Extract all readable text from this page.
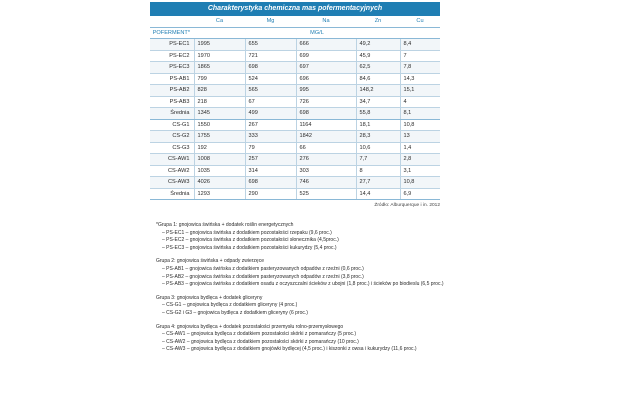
Charakterystyka chemiczna mas pofermentacyjnych
	Ca	Mg	Na	Zn	Cu
POFERMENT*	MG/L				
PS-EC1	1995	655	666	49,2	8,4
PS-EC2	1970	721	699	45,9	7
PS-EC3	1865	698	697	62,5	7,8
PS-AB1	799	524	696	84,6	14,3
PS-AB2	828	565	995	148,2	15,1
PS-AB3	218	67	726	34,7	4
Średnia	1345	499	698	55,8	8,1
CS-G1	1550	267	1164	18,1	10,8
CS-G2	1755	333	1842	28,3	13
CS-G3	192	79	66	10,6	1,4
CS-AW1	1008	257	276	7,7	2,8
CS-AW2	1035	314	303	8	3,1
CS-AW3	4026	698	746	27,7	10,8
Średnia	1293	290	525	14,4	6,9
Źródło: Alburquerque i in. 2012
*Grupa 1: gnojowica świńska + dodatek roślin energetycznych
– PS-EC1 – gnojowica świńska z dodatkiem pozostałości rzepaku (9,6 proc.)
– PS-EC2 – gnojowica świńska z dodatkiem pozostałości słonecznika (4,5proc.)
– PS-EC3 – gnojowica świńska z dodatkiem pozostałości kukurydzy (5,4 proc.)
Grupa 2: gnojowica świńska + odpady zwierzęce
– PS-AB1 – gnojowica świńska z dodatkiem pasteryzowanych odpadów z rzeźni (0,6 proc.)
– PS-AB2 – gnojowica świńska z dodatkiem pasteryzowanych odpadów z rzeźni (3,8 proc.)
– PS-AB3 – gnojowica świńska z dodatkiem osadu z oczyszczalni ścieków z ubojni (1,8 proc.) i ścieków po biodieslu (6,5 proc.)
Grupa 3: gnojowica bydlęca + dodatek gliceryny
– CS-G1 – gnojowica bydlęca z dodatkiem gliceryny (4 proc.)
– CS-G2 i G3 – gnojowica bydlęca z dodatkiem gliceryny (6 proc.)
Grupa 4: gnojowica bydlęca + dodatek pozostałości przemysłu rolno-przemysłowego
– CS-AW1 – gnojowica bydlęca z dodatkiem pozostałości skórki z pomarańczy (5 proc.)
– CS-AW2 – gnojowica bydlęca z dodatkiem pozostałości skórki z pomarańczy (10 proc.)
– CS-AW3 – gnojowica bydlęca z dodatkiem gnojówki bydlęcej (4,5 proc.) i kiszonki z owsa i kukurydzy (11,6 proc.)
